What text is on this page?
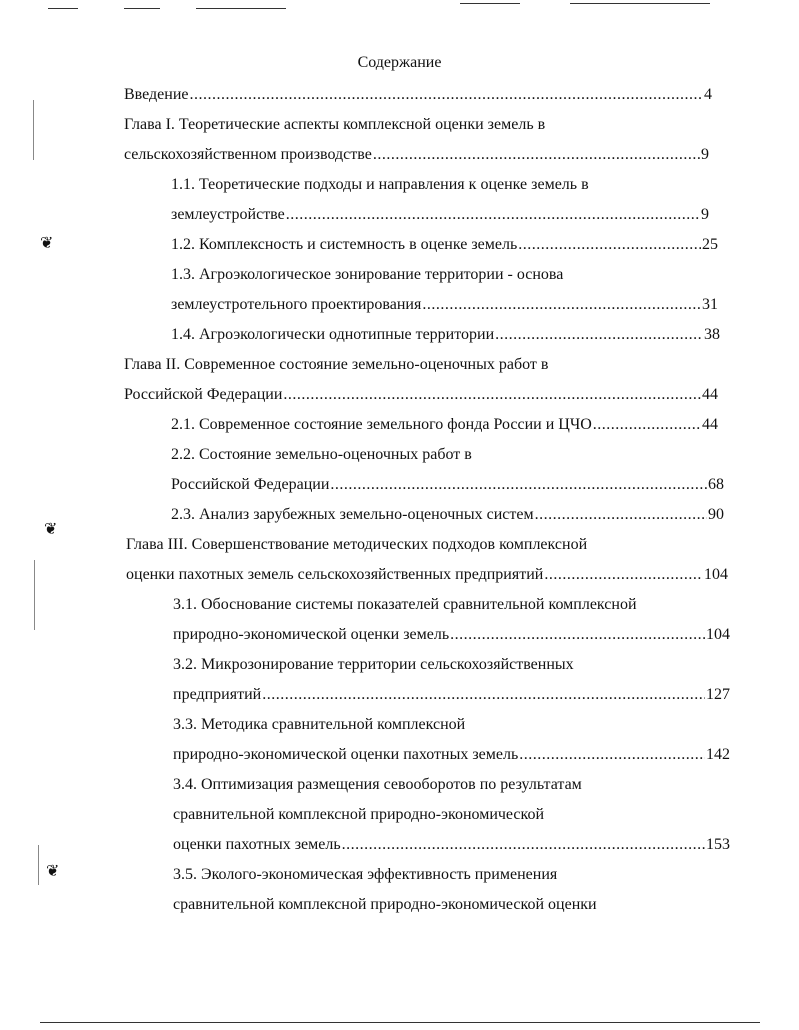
❦
❦
❦
Содержание
Введение .....	4
Глава I. Теоретические аспекты комплексной оценки земель в
сельскохозяйственном производстве .....	9
1.1. Теоретические подходы и направления к оценке земель в
землеустройстве .....	9
1.2. Комплексность и системность в оценке земель .....	25
1.3. Агроэкологическое зонирование территории - основа
землеустротельного проектирования .....	31
1.4. Агроэкологически однотипные территории .....	38
Глава II. Современное состояние земельно-оценочных работ в
Российской Федерации .....	44
2.1. Современное состояние земельного фонда России и ЦЧО .....	44
2.2. Состояние земельно-оценочных работ в
Российской Федерации .....	68
2.3. Анализ зарубежных земельно-оценочных систем .....	90
Глава III. Совершенствование методических подходов комплексной
оценки пахотных земель сельскохозяйственных предприятий .....	104
3.1. Обоснование системы показателей сравнительной комплексной
природно-экономической оценки земель .....	104
3.2. Микрозонирование территории сельскохозяйственных
предприятий .....	127
3.3. Методика сравнительной комплексной
природно-экономической оценки пахотных земель .....	142
3.4. Оптимизация размещения севооборотов по результатам
сравнительной комплексной природно-экономической
оценки пахотных земель .....	153
3.5. Эколого-экономическая эффективность применения
сравнительной комплексной природно-экономической оценки
